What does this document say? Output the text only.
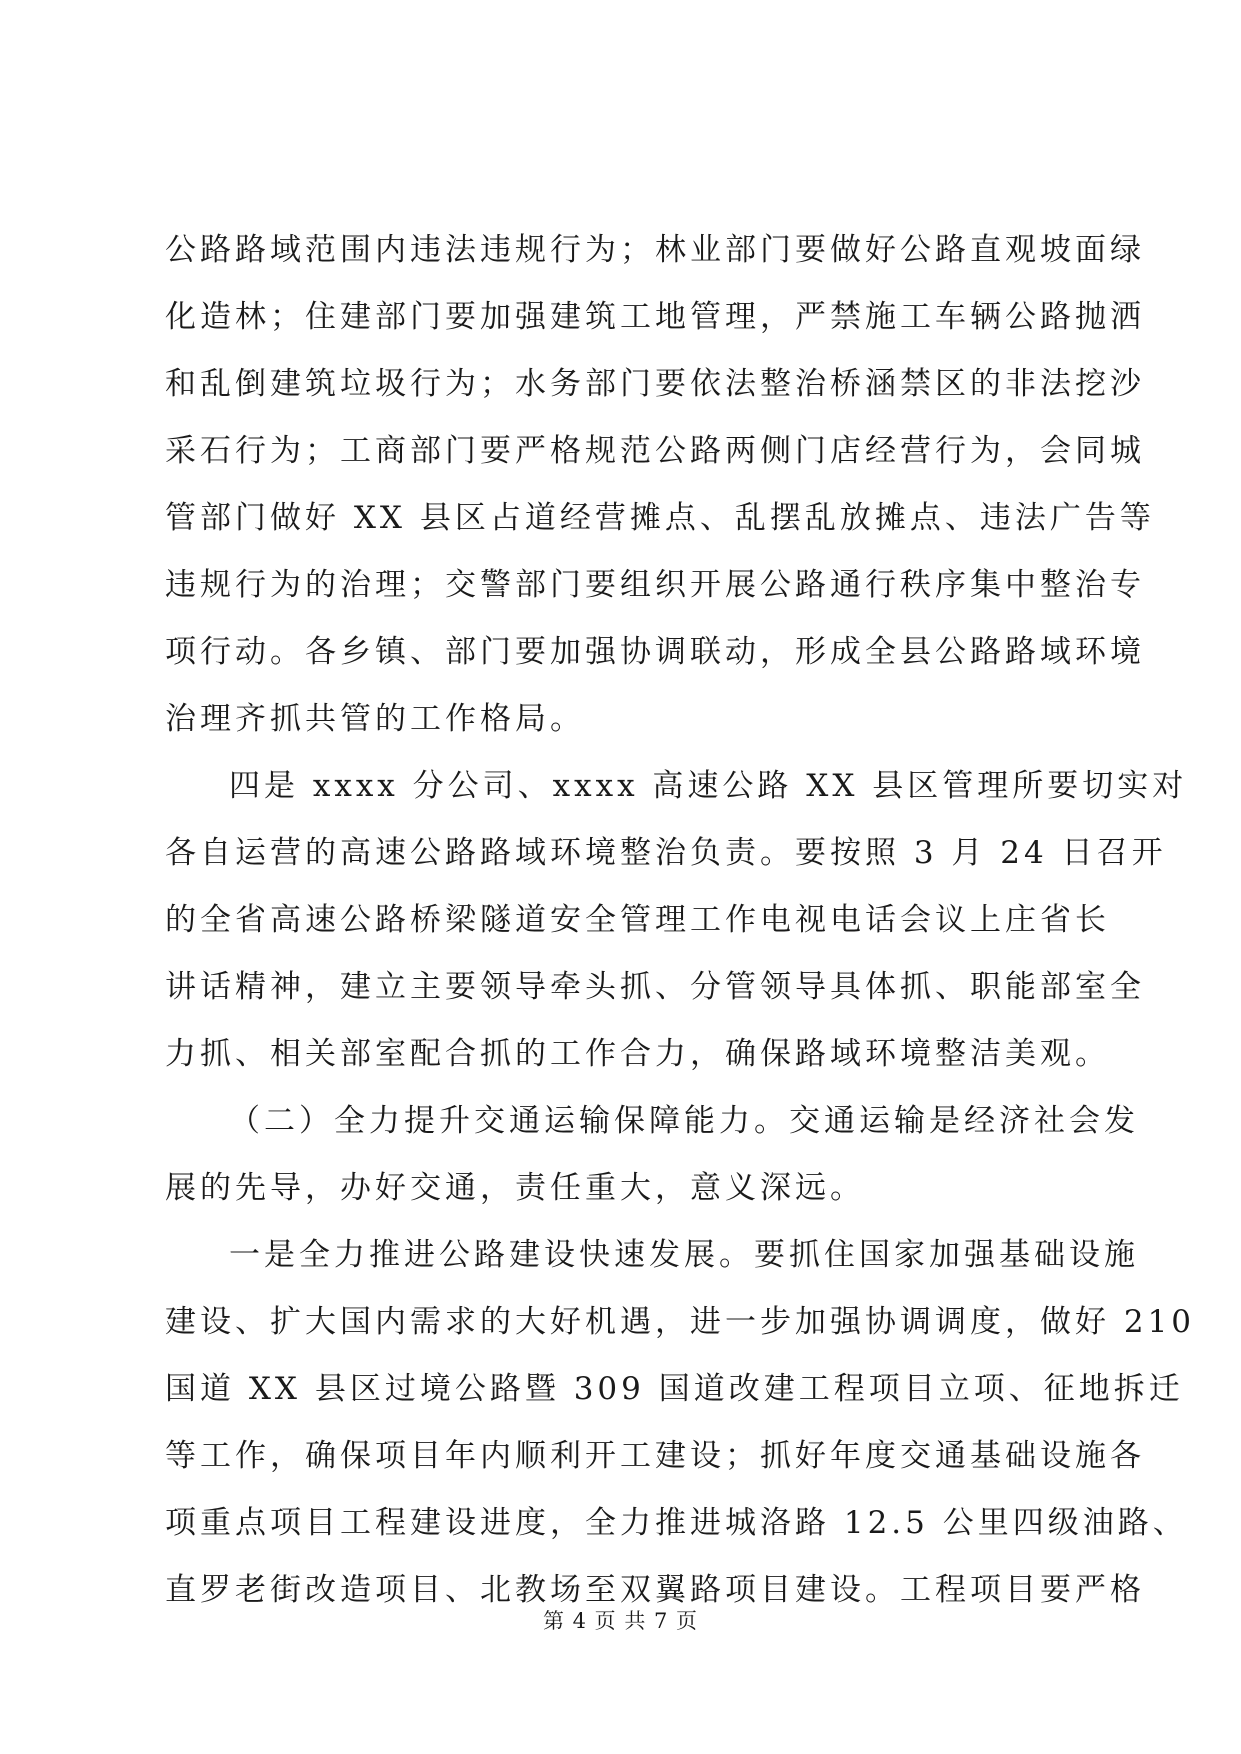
公路路域范围内违法违规行为；林业部门要做好公路直观坡面绿
化造林；住建部门要加强建筑工地管理，严禁施工车辆公路抛洒
和乱倒建筑垃圾行为；水务部门要依法整治桥涵禁区的非法挖沙
采石行为；工商部门要严格规范公路两侧门店经营行为，会同城
管部门做好 XX 县区占道经营摊点、乱摆乱放摊点、违法广告等
违规行为的治理；交警部门要组织开展公路通行秩序集中整治专
项行动。各乡镇、部门要加强协调联动，形成全县公路路域环境
治理齐抓共管的工作格局。
四是 xxxx 分公司、xxxx 高速公路 XX 县区管理所要切实对
各自运营的高速公路路域环境整治负责。要按照 3 月 24 日召开
的全省高速公路桥梁隧道安全管理工作电视电话会议上庄省长
讲话精神，建立主要领导牵头抓、分管领导具体抓、职能部室全
力抓、相关部室配合抓的工作合力，确保路域环境整洁美观。
（二）全力提升交通运输保障能力。交通运输是经济社会发
展的先导，办好交通，责任重大，意义深远。
一是全力推进公路建设快速发展。要抓住国家加强基础设施
建设、扩大国内需求的大好机遇，进一步加强协调调度，做好 210
国道 XX 县区过境公路暨 309 国道改建工程项目立项、征地拆迁
等工作，确保项目年内顺利开工建设；抓好年度交通基础设施各
项重点项目工程建设进度，全力推进城洛路 12.5 公里四级油路、
直罗老街改造项目、北教场至双翼路项目建设。工程项目要严格
第 4 页 共 7 页
